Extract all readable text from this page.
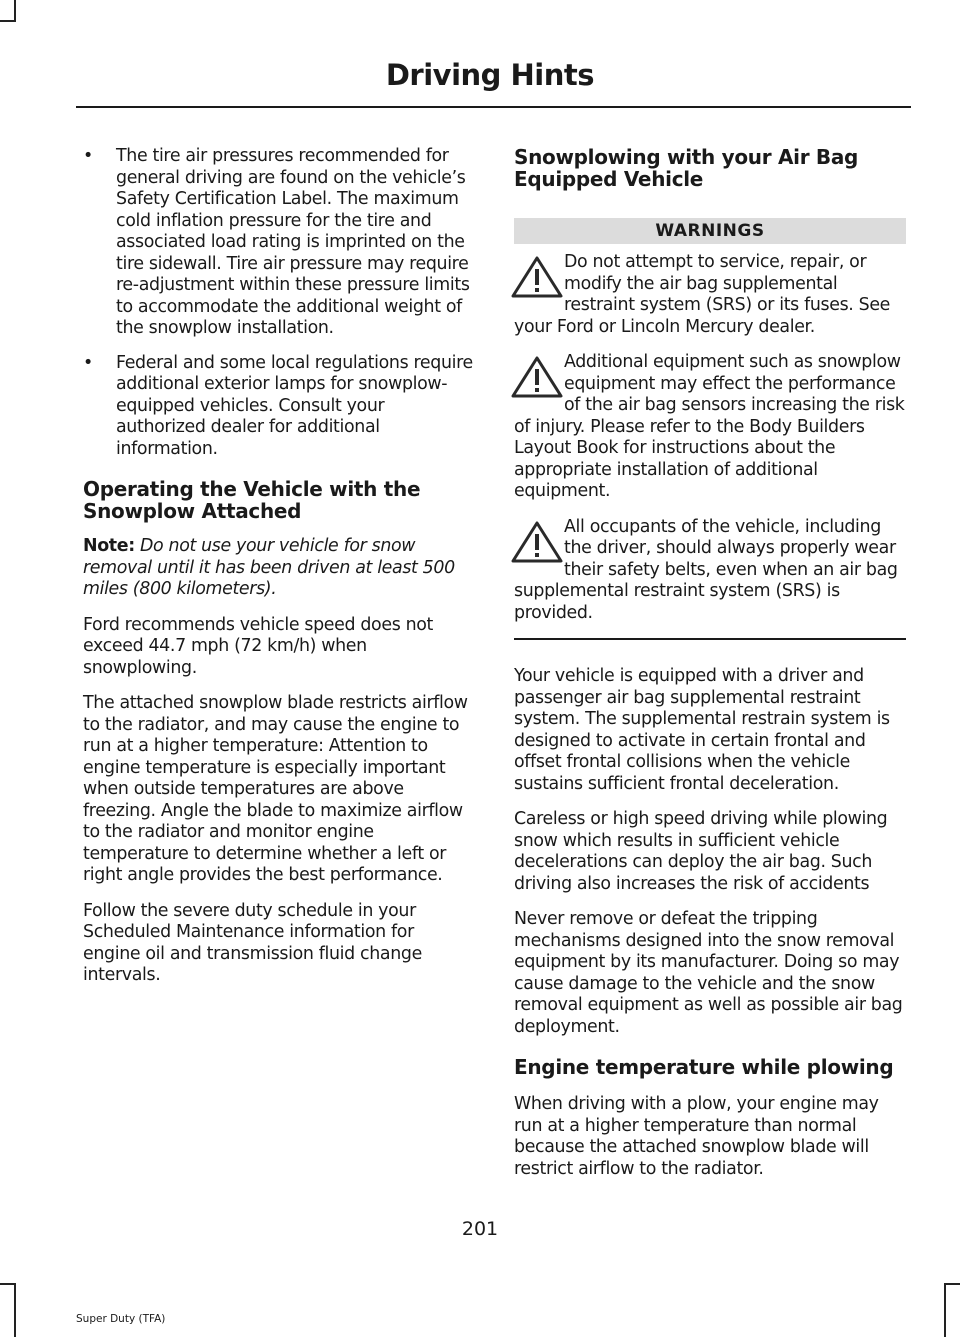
Driving Hints
•	The tire air pressures recommended for general driving are found on the vehicle’s Safety Certification Label. The maximum cold inflation pressure for the tire and associated load rating is imprinted on the tire sidewall. Tire air pressure may require re-adjustment within these pressure limits to accommodate the additional weight of the snowplow installation.
•	Federal and some local regulations require additional exterior lamps for snowplow-equipped vehicles. Consult your authorized dealer for additional information.
Operating the Vehicle with the Snowplow Attached

Note: Do not use your vehicle for snow removal until it has been driven at least 500 miles (800 kilometers).

Ford recommends vehicle speed does not exceed 44.7 mph (72 km/h) when snowplowing.

The attached snowplow blade restricts airflow to the radiator, and may cause the engine to run at a higher temperature: Attention to engine temperature is especially important when outside temperatures are above freezing. Angle the blade to maximize airflow to the radiator and monitor engine temperature to determine whether a left or right angle provides the best performance.

Follow the severe duty schedule in your Scheduled Maintenance information for engine oil and transmission fluid change intervals.

Snowplowing with your Air Bag Equipped Vehicle
WARNINGS
Do not attempt to service, repair, or modify the air bag supplemental restraint system (SRS) or its fuses. See your Ford or Lincoln Mercury dealer.
Additional equipment such as snowplow equipment may effect the performance of the air bag sensors increasing the risk of injury. Please refer to the Body Builders Layout Book for instructions about the appropriate installation of additional equipment.
All occupants of the vehicle, including the driver, should always properly wear their safety belts, even when an air bag supplemental restraint system (SRS) is provided.

Your vehicle is equipped with a driver and passenger air bag supplemental restraint system. The supplemental restrain system is designed to activate in certain frontal and offset frontal collisions when the vehicle sustains sufficient frontal deceleration.

Careless or high speed driving while plowing snow which results in sufficient vehicle decelerations can deploy the air bag. Such driving also increases the risk of accidents

Never remove or defeat the tripping mechanisms designed into the snow removal equipment by its manufacturer. Doing so may cause damage to the vehicle and the snow removal equipment as well as possible air bag deployment.

Engine temperature while plowing

When driving with a plow, your engine may run at a higher temperature than normal because the attached snowplow blade will restrict airflow to the radiator.

201
Super Duty (TFA)
